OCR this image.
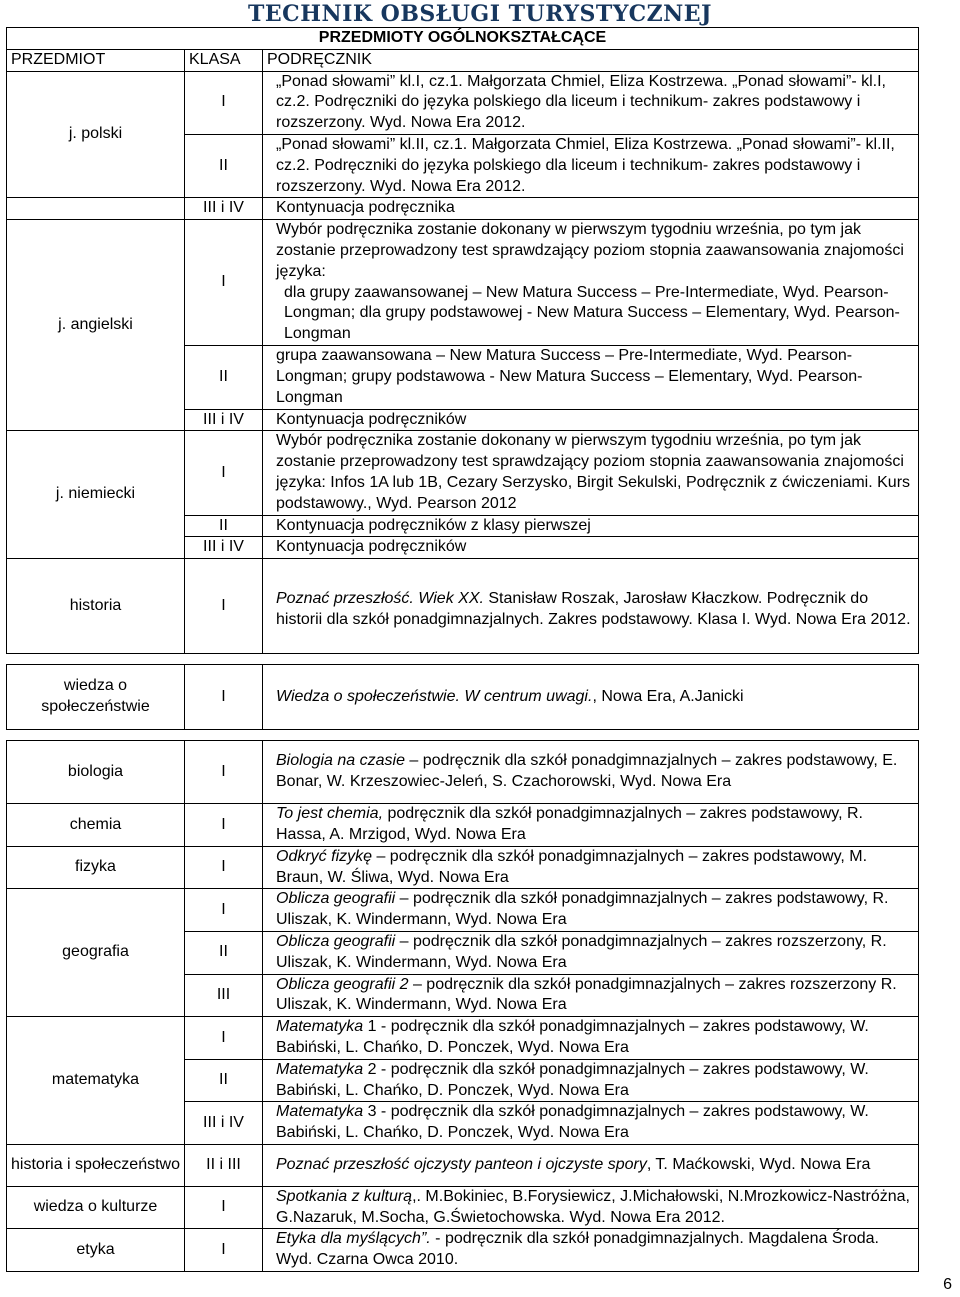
TECHNIK OBSŁUGI TURYSTYCZNEJ
PRZEDMIOTY OGÓLNOKSZTAŁCĄCE		
PRZEDMIOT	KLASA	PODRĘCZNIK
j. polski	I	„Ponad słowami” kl.I, cz.1. Małgorzata Chmiel, Eliza Kostrzewa. „Ponad słowami”- kl.I, cz.2. Podręczniki do języka polskiego dla liceum i technikum- zakres podstawowy i rozszerzony. Wyd. Nowa Era 2012.
	II	„Ponad słowami” kl.II, cz.1. Małgorzata Chmiel, Eliza Kostrzewa. „Ponad słowami”- kl.II, cz.2. Podręczniki do języka polskiego dla liceum i technikum- zakres podstawowy i rozszerzony. Wyd. Nowa Era 2012.
	III i IV	Kontynuacja podręcznika
j. angielski	I	Wybór podręcznika zostanie dokonany w pierwszym tygodniu września, po tym jak zostanie przeprowadzony test sprawdzający poziom stopnia zaawansowania znajomości języka:
dla grupy zaawansowanej – New Matura Success – Pre-Intermediate, Wyd. Pearson-Longman; dla grupy podstawowej - New Matura Success – Elementary, Wyd. Pearson-Longman
	II	grupa zaawansowana – New Matura Success – Pre-Intermediate, Wyd. Pearson-Longman; grupy podstawowa - New Matura Success – Elementary, Wyd. Pearson-Longman
	III i IV	Kontynuacja podręczników
j. niemiecki	I	Wybór podręcznika zostanie dokonany w pierwszym tygodniu września, po tym jak zostanie przeprowadzony test sprawdzający poziom stopnia zaawansowania znajomości języka: Infos 1A lub 1B, Cezary Serzysko, Birgit Sekulski, Podręcznik z ćwiczeniami. Kurs podstawowy., Wyd. Pearson 2012
	II	Kontynuacja podręczników z klasy pierwszej
	III i IV	Kontynuacja podręczników
historia	I	Poznać przeszłość. Wiek XX. Stanisław Roszak, Jarosław Kłaczkow. Podręcznik do historii dla szkół ponadgimnazjalnych. Zakres podstawowy. Klasa I. Wyd. Nowa Era 2012.

wiedza o społeczeństwie	I	Wiedza o społeczeństwie. W centrum uwagi., Nowa Era, A.Janicki

biologia	I	Biologia na czasie – podręcznik dla szkół ponadgimnazjalnych – zakres podstawowy, E. Bonar, W. Krzeszowiec-Jeleń, S. Czachorowski, Wyd. Nowa Era
chemia	I	To jest chemia, podręcznik dla szkół ponadgimnazjalnych – zakres podstawowy, R. Hassa, A. Mrzigod, Wyd. Nowa Era
fizyka	I	Odkryć fizykę – podręcznik dla szkół ponadgimnazjalnych – zakres podstawowy, M. Braun, W. Śliwa, Wyd. Nowa Era
geografia	I	Oblicza geografii – podręcznik dla szkół ponadgimnazjalnych – zakres podstawowy, R. Uliszak, K. Windermann, Wyd. Nowa Era
	II	Oblicza geografii – podręcznik dla szkół ponadgimnazjalnych – zakres rozszerzony, R. Uliszak, K. Windermann, Wyd. Nowa Era
	III	Oblicza geografii 2 – podręcznik dla szkół ponadgimnazjalnych – zakres rozszerzony R. Uliszak, K. Windermann, Wyd. Nowa Era
matematyka	I	Matematyka 1 - podręcznik dla szkół ponadgimnazjalnych – zakres podstawowy, W. Babiński, L. Chańko, D. Ponczek, Wyd. Nowa Era
	II	Matematyka 2 - podręcznik dla szkół ponadgimnazjalnych – zakres podstawowy, W. Babiński, L. Chańko, D. Ponczek, Wyd. Nowa Era
	III i IV	Matematyka 3 - podręcznik dla szkół ponadgimnazjalnych – zakres podstawowy, W. Babiński, L. Chańko, D. Ponczek, Wyd. Nowa Era
historia i społeczeństwo	II i III	Poznać przeszłość ojczysty panteon i ojczyste spory, T. Maćkowski, Wyd. Nowa Era
wiedza o kulturze	I	Spotkania z kulturą,. M.Bokiniec, B.Forysiewicz, J.Michałowski, N.Mrozkowicz-Nastróżna, G.Nazaruk, M.Socha, G.Świetochowska. Wyd. Nowa Era 2012.
etyka	I	Etyka dla myślących”. - podręcznik dla szkół ponadgimnazjalnych. Magdalena Środa. Wyd. Czarna Owca 2010.
6
